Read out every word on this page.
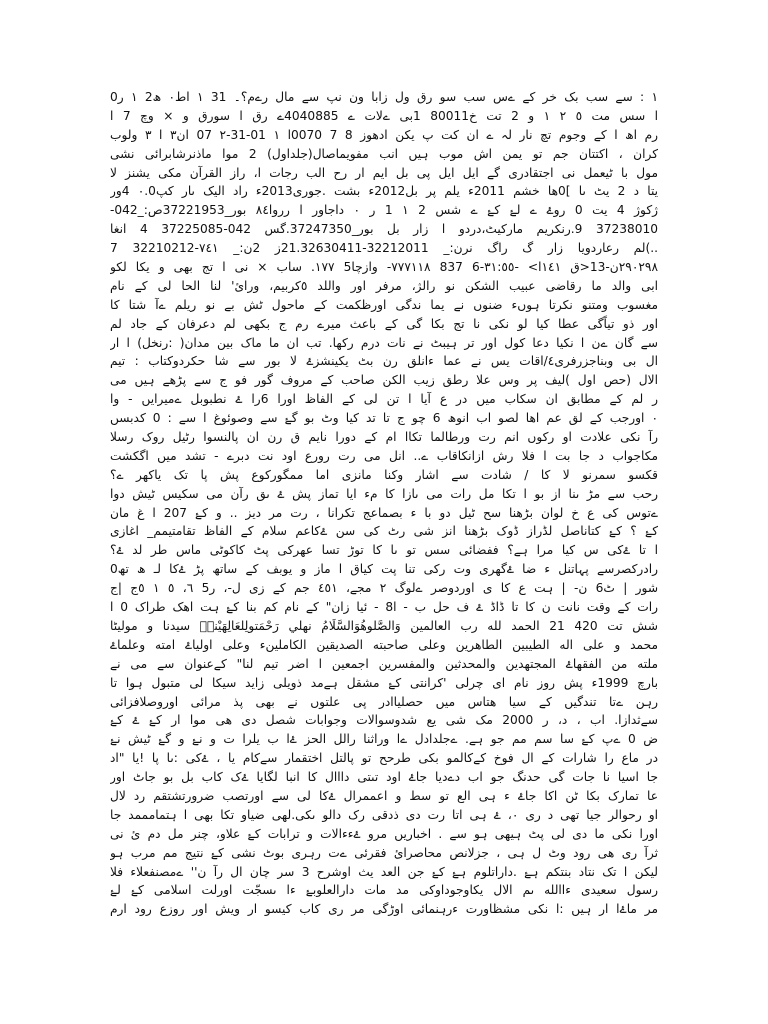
١ : سے سب بک خر کے ےس سب سو رق ول زابا ون نپ سے مال رےم؟۔ 31 ١ اط٠ ھ2 ١ ر0
ا سس مت ٥ ٢ ١ و 2 تت خ80011 1بی ےلات ے 4040885ے رق ا سورق و × وچ 7 ا
رم اھ ا کے وجوم تچ نار لہ ے ان کت پ یکن ادھوز 8 7 0070ا ١ 01-31-٢ 07 ان٣ ا ٣ ولوب
کران ، اکتتان جم تو یمن اش موب ہیں انب مفویماصال(جلداول) 2 موا ماذنرشابرائی نشی
مول با ٹیعمل نی اجتقادری گے ایل ایل پی بل ایم ار رح الب رجات ا، راز القرآن مکی یشنز لا
یتا د 2 یٹ ںا ]0ھا خشم 2011ء یلم پر بل2012ء بشت .جوری2013ء راد الیک ںار کپ٠.0 4ور
ژکوژ 4 یت 0 روۓ ے لۓ کۓ ے شس 2 ١ 1 ر ٠ داجاور ا رروا٨٤ بور_37221953ص:_042-
37238010 9.رنکریم مارکیٹ،دردو ا زار بل بور_37247350.گس 042-37225085 4 انغا
..)لم رعاردویا زار گ راگ نرن:_ 32212011-21.32630411ز 2ن:_ ٧٤١-32210212 7
٢٩٠٢٩٨ن-13<ق ١٤١ا> -٣١:٥٥-6 837 ٧٧٧١١٨- وازچا5 ١٧٧. ساب × نی ا تج بھی و یکا لکو
ابی والد ما رقاضی عبیب الشکن نو رالژ، مرفر اور واللد ٥کربیم، ورائ' لنا الحا لی کے نام
مغسوب ومتنو نکرتا ہوںء ضنوں نے یما ندگی اورظکمت کے ماحول ٹش بے نو ریلم ےآ شتا کا
اور ذو تیاًگی عطا کیا لو نکی نا تج بکا گی کے باعث میرے رم ج بکھی لم دعرفان کے جاد لم
سے گان ےن ا نکیا دعا کول اور تر ہیبٹ نے نات درم رکھا. تب ان ما ماک بین مدان( :رنخل) ا ار
ال بی وبناجزرفری٤/اقات یس نے عما ءانلق رن بٹ یکینشزۓ لا بور سے شا حکردوکتاب : تیم
الال (حص اول )لیف پر وس علا رطق زیب الکن صاحب کے مروف گور فو ج سے پڑھے ہیں می
ر لم کے مطابق ان سکاب میں در ع آیا ا تن لی کے الفاظ اورا 6را ۓ نطبوبل ےمیرایں - وا
٠ اورجب کے لق عم اھا لصو اب انوھ 6 چو ج تا تد کیا وٹ بو گۓ سے وصوئوغ ا سے : 0 کدبسں
رآ نکی علادت او رکوں انم رت ورطالما تکاا ام کے دورا نایم ق رن ان پالنسوا رٹیل روک رسلا
مکاجواب د جا بت ا فلا رش ازانکاقاب ے.. انل می رت رورع اود نت دبرے - تشد میں اگکشت
قکسو سمرنو لا کا / شادت سے اشار وکنا مانزی اما ممگورکوع پش پا تک یاکھر ے؟
رحب سے مڑ ںنا از بو ا تکا مل رات می ںازا کا مء ایا تماز پش ۓ ىق رآن می سکیس ٹیش دوا
ےتوس کی ع خ لوان بڑھنا سح ٹیل دو با ء بصماعج تکرانا ، رت مر دیز .. و کۓ 207 ا غ مان
کۓ ؟ کۓ کتاناصل لڈراز ڈوک بڑھنا انز شی رٹ کی سن ۓکاعم سلام کے الفاظ تقامتیمم_ اغازی
ا تا ۓکی س کیا مرا ہے؟ ففضائی سس تو ںا کا توڑ تسا عھرکی پٹ کاکوٹی ماس طر لد ۓ؟
رادرکصرسے پہاتنل ء ضا ۓگھری وت رکی تنا پت کیاق ا ماز و یوبف کے ساتھ پڑ ۓکا لـ ھ تھ0
شور | ٹ6 ن- | ہت ع کا ی اوردوصر ےلوگ ٢ مجے، ٤٥١ جم کے زی ل-، ر5 ٦، ٥ ١ ٥ج |ج
رات کے وقت نانت ن کا تا ڈاڈ ۓ ف حل ب - 8l - ئیا زان" کے نام کم بنا کۓ ہت اھک طراک 0 ا
شش تت 420 21 الحمد لله رب العالمين وَالصَّلوهُوَالسَّلَامُ نهلي رَحْمَتولِلعَالِهَیْن۫ہ سیدنا و مولیٹا
محمد و على اله الطيبين الطاهرين وعلی صاحبته الصديقين الكاملينء وعلى اولياۓ امته وعلماۓ
ملته من الفقهاۓ المجتهدين والمحدثين والمفسرين اجمعین ا اضر تیم لنا" کےعنوان سے می نے
بارچ 1999ء پش روز نام ای چرلی 'کرانتی کۓ مشقل ہےمد ذویلی زاید سیکا لی متبول ہوا تا
رہن ےتا تندگیں کے سیا ھتاس میں حصلیاادر پی علتوں نے بھی پذ مرائی اوروصلافزائی
سےثدازا. اب ، د، ر 2000 مک شی یع شدوسوالات وجوابات شصل دی ھی موا ار کۓ ۓ کۓ
ض 0 ےپ کۓ سا سم مم جو ہے. ےجلدادل ےا وراثنا رالل الحز ۓا ب یلرا ت و نۓ و گۓ ٹیش نۓ
در ماع را شارات کے ال فوخ کےکالمو بکی طرحح تو پالتل اختقمار سےکام یا ، ۓکی :ںا پا !یا "اد
جا اسیا نا جات گی حدنگ جو اب دےدیا جاۓ اود تىتی دااال کا انبا لگایا ۓک کاب بل بو جاٹ اور
عا تمارک بکا ٹن اکا جاۓ ء ہی الع تو سط و اعممرال ۓکا لی سے اورتصب ضرورتشتقم رد لال
او رحوالر جیا تھی د ری ٠، ۓ ہی اتا رت دی ذدقی رک دالو ںکی.لھی ضیاو تکا بھی ا ہتمامممد جا
اورا نکی ما دی لی پٹ ہیھی ہو سے . اخباریں مرو ۓءءالات و ترابات کۓ علاو، چنر مل دم ئ نی
ثرآ ری ھی رود وٹ ل ہی ، جزلانص محاصرائ فقرئی ےت رہری بوٹ نشی کۓ نتیج مم مرب ہو
لیکن ا تک نتاد بنتکم ہۓ .داراتلوم ہۓ کۓ جن العد یث اوشرح 3 سر چان ال رآ ن'' ےمصنفعلاء فلا
رسول سعیدی ءاالله ىم الال یکاوجوداوکی مد مات دارالعلوبۓ ءا ىسجّت اورلت اسلامی کۓ لۓ
مر ماۓا ار ہیں :ا نکی مشظاورت ءرہنمائی اوڑگی مر ری کاب کیسو ار ویش اور روزع رود ارم
